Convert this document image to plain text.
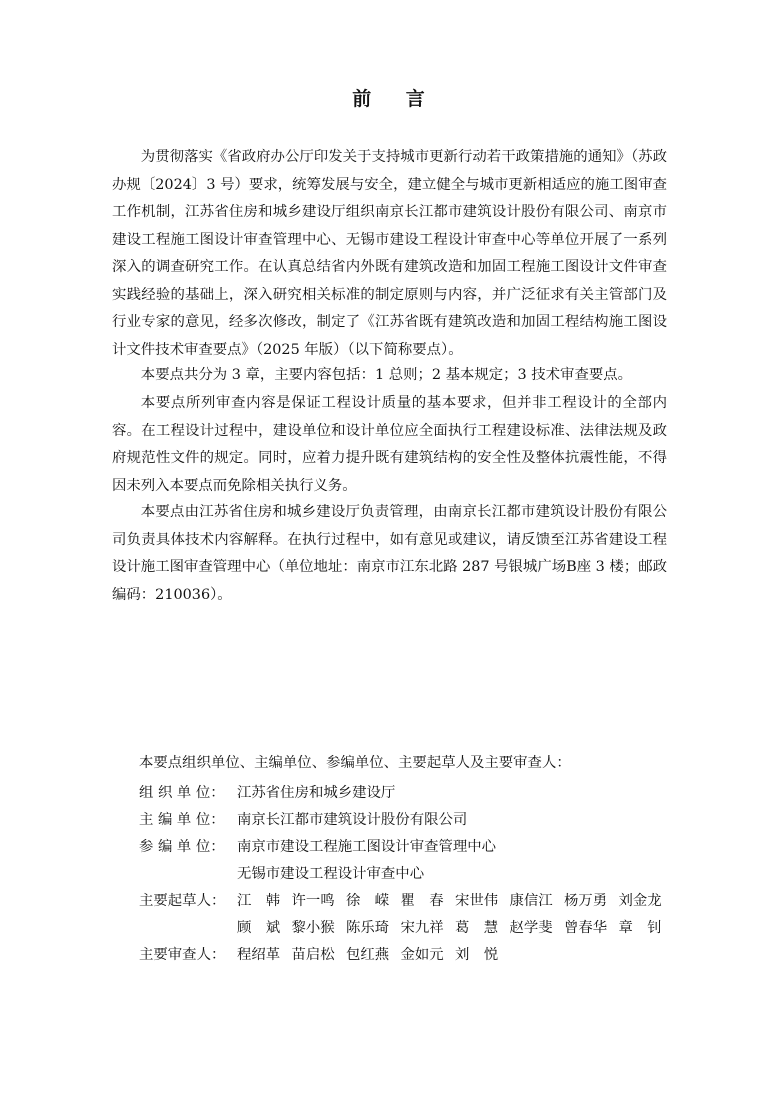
前 言

为贯彻落实《省政府办公厅印发关于支持城市更新行动若干政策措施的通知》（苏政办规〔2024〕3 号）要求，统筹发展与安全，建立健全与城市更新相适应的施工图审查工作机制，江苏省住房和城乡建设厅组织南京长江都市建筑设计股份有限公司、南京市建设工程施工图设计审查管理中心、无锡市建设工程设计审查中心等单位开展了一系列深入的调查研究工作。在认真总结省内外既有建筑改造和加固工程施工图设计文件审查实践经验的基础上，深入研究相关标准的制定原则与内容，并广泛征求有关主管部门及行业专家的意见，经多次修改，制定了《江苏省既有建筑改造和加固工程结构施工图设计文件技术审查要点》（2025 年版）（以下简称要点）。

本要点共分为 3 章，主要内容包括：1 总则；2 基本规定；3 技术审查要点。

本要点所列审查内容是保证工程设计质量的基本要求，但并非工程设计的全部内容。在工程设计过程中，建设单位和设计单位应全面执行工程建设标准、法律法规及政府规范性文件的规定。同时，应着力提升既有建筑结构的安全性及整体抗震性能，不得因未列入本要点而免除相关执行义务。

本要点由江苏省住房和城乡建设厅负责管理，由南京长江都市建筑设计股份有限公司负责具体技术内容解释。在执行过程中，如有意见或建议，请反馈至江苏省建设工程设计施工图审查管理中心（单位地址：南京市江东北路 287 号银城广场B座 3 楼；邮政编码：210036）。

本要点组织单位、主编单位、参编单位、主要起草人及主要审查人：
组 织 单 位： 江苏省住房和城乡建设厅
主 编 单 位： 南京长江都市建筑设计股份有限公司
参 编 单 位： 南京市建设工程施工图设计审查管理中心
无锡市建设工程设计审查中心
主要起草人： 江　韩 许一鸣 徐　嵘 瞿　春 宋世伟 康信江 杨万勇 刘金龙
顾　斌 黎小猴 陈乐琦 宋九祥 葛　慧 赵学斐 曾春华 章　钊
主要审查人： 程绍革 苗启松 包红燕 金如元 刘　悦
